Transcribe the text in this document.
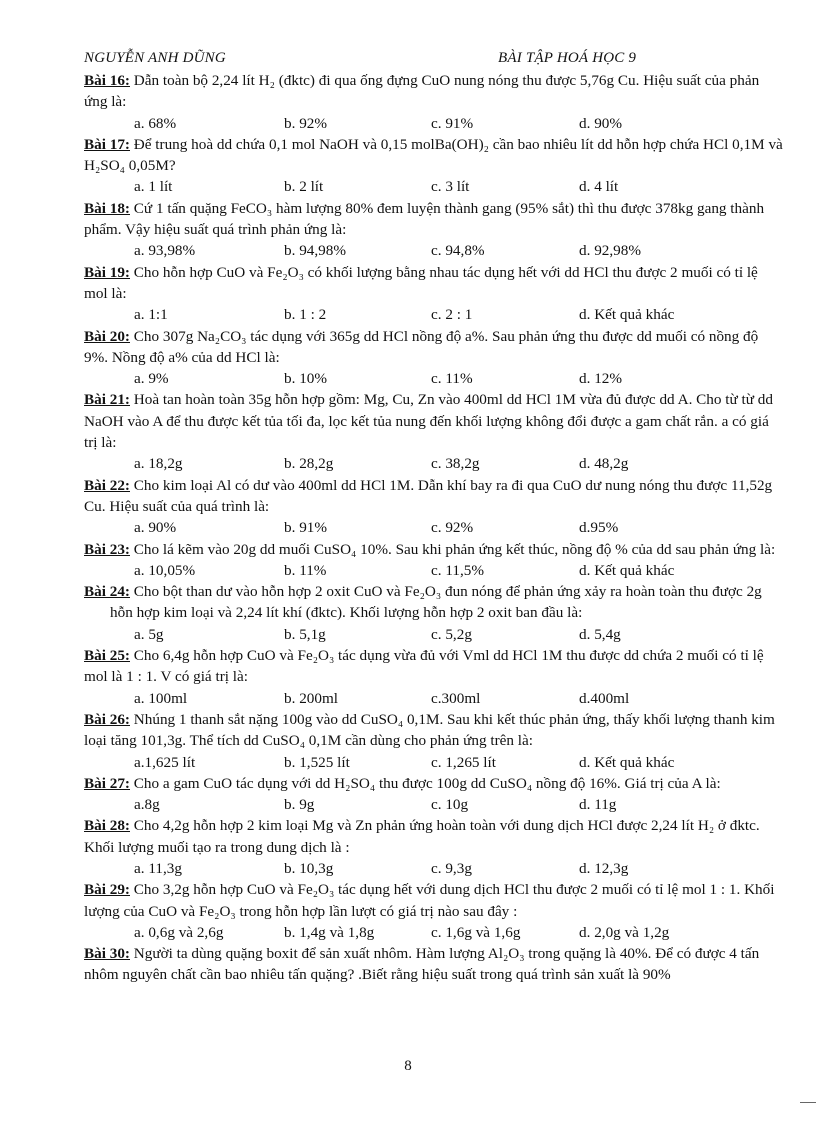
NGUYỄN ANH DŨNG	BÀI TẬP HOÁ HỌC 9

Bài 16: Dẫn toàn bộ 2,24 lít H₂ (đktc) đi qua ống đựng CuO nung nóng thu được 5,76g Cu. Hiệu suất của phản ứng là:

a. 68%	b. 92%	c. 91%	d. 90%

Bài 17: Để trung hoà dd chứa 0,1 mol NaOH và 0,15 molBa(OH)₂ cần bao nhiêu lít dd hỗn hợp chứa HCl 0,1M và H₂SO₄ 0,05M?

a. 1 lít	b. 2 lít	c. 3 lít	d. 4 lít

Bài 18: Cứ 1 tấn quặng FeCO₃ hàm lượng 80% đem luyện thành gang (95% sắt) thì thu được 378kg gang thành phẩm. Vậy hiệu suất quá trình phản ứng là:

a. 93,98%	b. 94,98%	c. 94,8%	d. 92,98%

Bài 19: Cho hỗn hợp CuO và Fe₂O₃ có khối lượng bằng nhau tác dụng hết với dd HCl thu được 2 muối có tỉ lệ mol là:

a. 1:1	b. 1 : 2	c. 2 : 1	d. Kết quả khác

Bài 20: Cho 307g Na₂CO₃ tác dụng với 365g dd HCl nồng độ a%. Sau phản ứng thu được dd muối có nồng độ 9%. Nồng độ a% của dd HCl là:

a. 9%	b. 10%	c. 11%	d. 12%

Bài 21: Hoà tan hoàn toàn 35g hỗn hợp gồm: Mg, Cu, Zn vào 400ml dd HCl 1M vừa đủ được dd A. Cho từ từ dd NaOH vào A để thu được kết tủa tối đa, lọc kết tủa nung đến khối lượng không đổi được a gam chất rắn. a có giá trị là:

a. 18,2g	b. 28,2g	c. 38,2g	d. 48,2g

Bài 22: Cho kim loại Al có dư vào 400ml dd HCl 1M. Dẫn khí bay ra đi qua CuO dư nung nóng thu được 11,52g Cu. Hiệu suất của quá trình là:

a. 90%	b. 91%	c. 92%	d.95%

Bài 23: Cho lá kẽm vào 20g dd muối CuSO₄ 10%. Sau khi phản ứng kết thúc, nồng độ % của dd sau phản ứng là:

a. 10,05%	b. 11%	c. 11,5%	d. Kết quả khác

Bài 24: Cho bột than dư vào hỗn hợp 2 oxit CuO và Fe₂O₃ đun nóng để phản ứng xảy ra hoàn toàn thu được 2g hỗn hợp kim loại và 2,24 lít khí (đktc). Khối lượng hỗn hợp 2 oxit ban đầu là:

a. 5g	b. 5,1g	c. 5,2g	d. 5,4g

Bài 25: Cho 6,4g hỗn hợp CuO và Fe₂O₃ tác dụng vừa đủ với Vml dd HCl 1M thu được dd chứa 2 muối có tỉ lệ mol là 1 : 1. V có giá trị là:

a. 100ml	b. 200ml	c.300ml	d.400ml

Bài 26: Nhúng 1 thanh sắt nặng 100g vào dd CuSO₄ 0,1M. Sau khi kết thúc phản ứng, thấy khối lượng thanh kim loại tăng 101,3g. Thể tích dd CuSO₄ 0,1M cần dùng cho phản ứng trên là:

a.1,625 lít	b. 1,525 lít	c. 1,265 lít	d. Kết quả khác

Bài 27: Cho a gam CuO tác dụng với dd H₂SO₄ thu được 100g dd CuSO₄ nồng độ 16%. Giá trị của A là:

a.8g	b. 9g	c. 10g	d. 11g

Bài 28: Cho 4,2g hỗn hợp 2 kim loại Mg và Zn phản ứng hoàn toàn với dung dịch HCl được 2,24 lít H₂ ở đktc. Khối lượng muối tạo ra trong dung dịch là :

a. 11,3g	b. 10,3g	c. 9,3g	d. 12,3g

Bài 29: Cho 3,2g hỗn hợp CuO và Fe₂O₃ tác dụng hết với dung dịch HCl thu được 2 muối có tỉ lệ mol 1 : 1. Khối lượng của CuO và Fe₂O₃ trong hỗn hợp lần lượt có giá trị nào sau đây :

a. 0,6g và 2,6g	b. 1,4g và 1,8g	c. 1,6g và 1,6g	d. 2,0g và 1,2g

Bài 30: Người ta dùng quặng boxit để sản xuất nhôm. Hàm lượng Al₂O₃ trong quặng là 40%. Để có được 4 tấn nhôm nguyên chất cần bao nhiêu tấn quặng? .Biết rằng hiệu suất trong quá trình sản xuất là 90%

8
